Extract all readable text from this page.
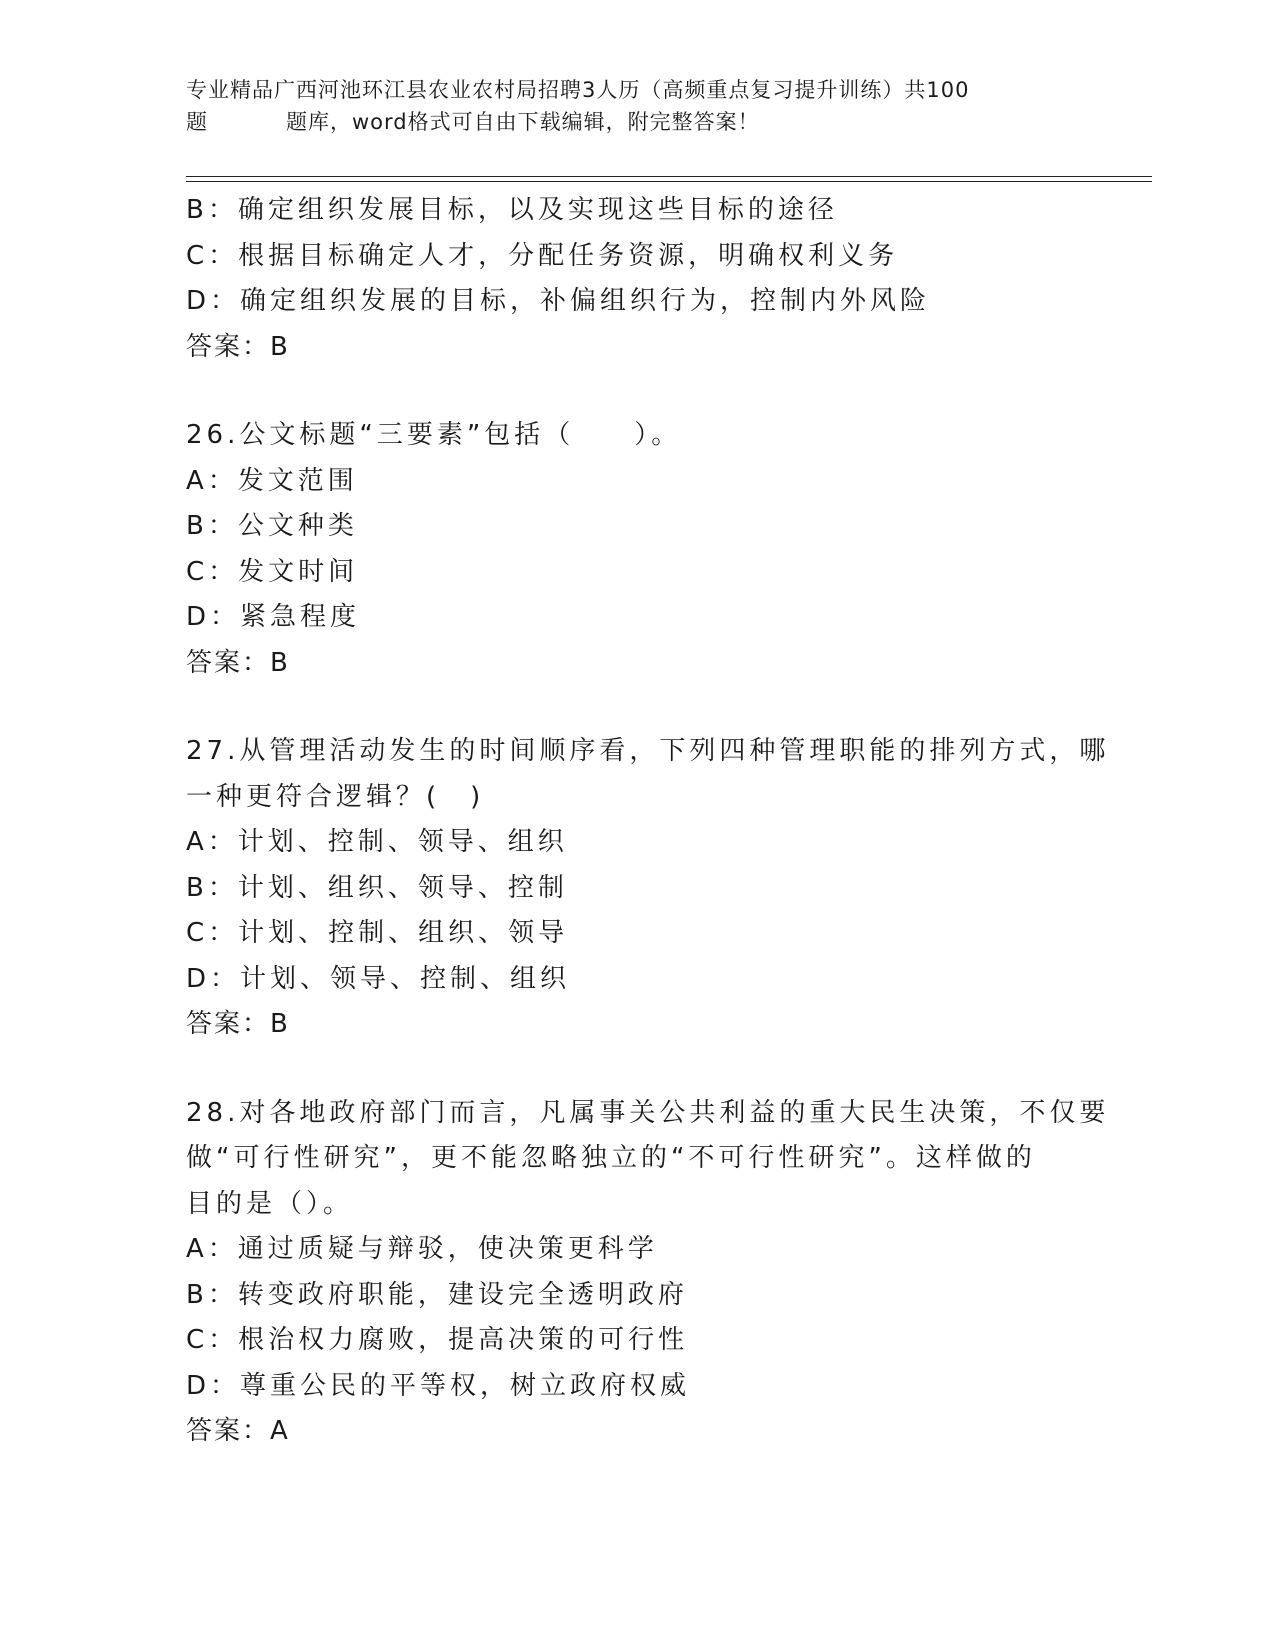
专业精品广西河池环江县农业农村局招聘3人历（高频重点复习提升训练）共100
题	题库，word格式可自由下载编辑，附完整答案！
B：确定组织发展目标，以及实现这些目标的途径
C：根据目标确定人才，分配任务资源，明确权利义务
D：确定组织发展的目标，补偏组织行为，控制内外风险
答案：B
26.公文标题“三要素”包括（　　）。
A：发文范围
B：公文种类
C：发文时间
D：紧急程度
答案：B
27.从管理活动发生的时间顺序看，下列四种管理职能的排列方式，哪
一种更符合逻辑？(　)
A：计划、控制、领导、组织
B：计划、组织、领导、控制
C：计划、控制、组织、领导
D：计划、领导、控制、组织
答案：B
28.对各地政府部门而言，凡属事关公共利益的重大民生决策，不仅要
做“可行性研究”，更不能忽略独立的“不可行性研究”。这样做的
目的是（）。
A：通过质疑与辩驳，使决策更科学
B：转变政府职能，建设完全透明政府
C：根治权力腐败，提高决策的可行性
D：尊重公民的平等权，树立政府权威
答案：A
